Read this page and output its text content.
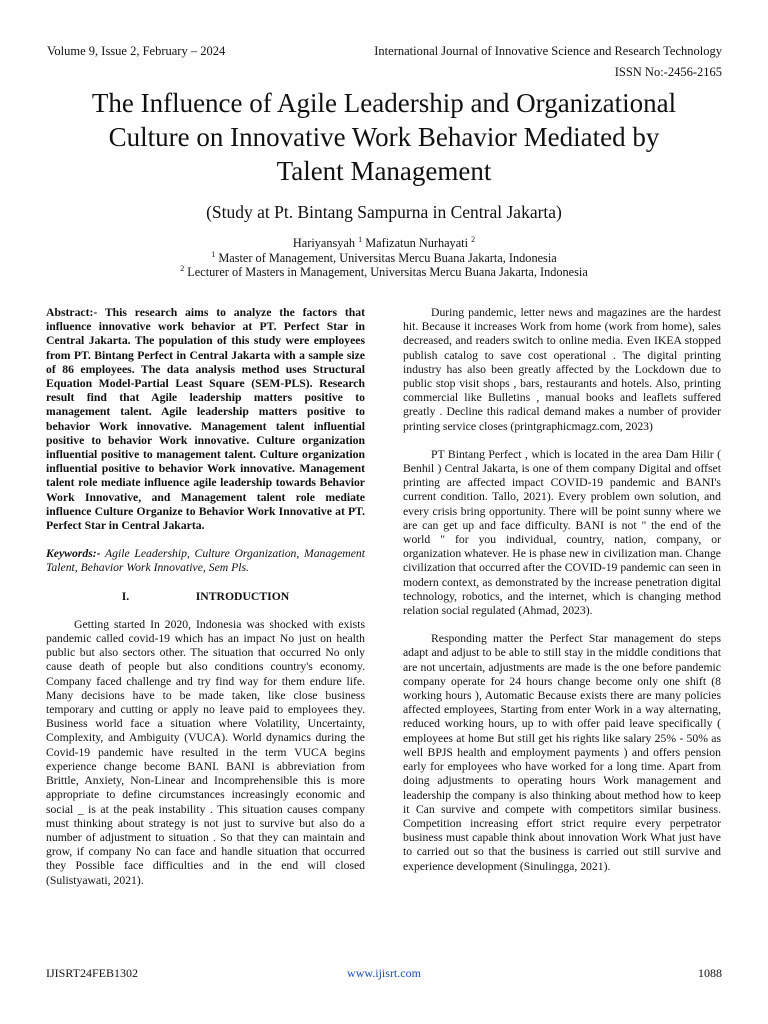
Volume 9, Issue 2, February – 2024	International Journal of Innovative Science and Research Technology
ISSN No:-2456-2165
The Influence of Agile Leadership and Organizational
Culture on Innovative Work Behavior Mediated by
Talent Management
(Study at Pt. Bintang Sampurna in Central Jakarta)
Hariyansyah $^1$ Mafizatun Nurhayati $^2$
$^1$ Master of Management, Universitas Mercu Buana Jakarta, Indonesia
$^2$ Lecturer of Masters in Management, Universitas Mercu Buana Jakarta, Indonesia

Abstract:- This research aims to analyze the factors that influence innovative work behavior at PT. Perfect Star in Central Jakarta. The population of this study were employees from PT. Bintang Perfect in Central Jakarta with a sample size of 86 employees. The data analysis method uses Structural Equation Model-Partial Least Square (SEM-PLS). Research result find that Agile leadership matters positive to management talent. Agile leadership matters positive to behavior Work innovative. Management talent influential positive to behavior Work innovative. Culture organization influential positive to management talent. Culture organization influential positive to behavior Work innovative. Management talent role mediate influence agile leadership towards Behavior Work Innovative, and Management talent role mediate influence Culture Organize to Behavior Work Innovative at PT. Perfect Star in Central Jakarta.

Keywords:- Agile Leadership, Culture Organization, Management Talent, Behavior Work Innovative, Sem Pls.

I.	INTRODUCTION

Getting started In 2020, Indonesia was shocked with exists pandemic called covid-19 which has an impact No just on health public but also sectors other. The situation that occurred No only cause death of people but also conditions country's economy. Company faced challenge and try find way for them endure life. Many decisions have to be made taken, like close business temporary and cutting or apply no leave paid to employees they. Business world face a situation where Volatility, Uncertainty, Complexity, and Ambiguity (VUCA). World dynamics during the Covid-19 pandemic have resulted in the term VUCA begins experience change become BANI. BANI is abbreviation from Brittle, Anxiety, Non-Linear and Incomprehensible this is more appropriate to define circumstances increasingly economic and social _ is at the peak instability . This situation causes company must thinking about strategy is not just to survive but also do a number of adjustment to situation . So that they can maintain and grow, if company No can face and handle situation that occurred they Possible face difficulties and in the end will closed (Sulistyawati, 2021).

During pandemic, letter news and magazines are the hardest hit. Because it increases Work from home (work from home), sales decreased, and readers switch to online media. Even IKEA stopped publish catalog to save cost operational . The digital printing industry has also been greatly affected by the Lockdown due to public stop visit shops , bars, restaurants and hotels. Also, printing commercial like Bulletins , manual books and leaflets suffered greatly . Decline this radical demand makes a number of provider printing service closes (printgraphicmagz.com, 2023)

PT Bintang Perfect , which is located in the area Dam Hilir ( Benhil ) Central Jakarta, is one of them company Digital and offset printing are affected impact COVID-19 pandemic and BANI's current condition. Tallo, 2021). Every problem own solution, and every crisis bring opportunity. There will be point sunny where we are can get up and face difficulty. BANI is not " the end of the world " for you individual, country, nation, company, or organization whatever. He is phase new in civilization man. Change civilization that occurred after the COVID-19 pandemic can seen in modern context, as demonstrated by the increase penetration digital technology, robotics, and the internet, which is changing method relation social regulated (Ahmad, 2023).

Responding matter the Perfect Star management do steps adapt and adjust to be able to still stay in the middle conditions that are not uncertain, adjustments are made is the one before pandemic company operate for 24 hours change become only one shift (8 working hours ), Automatic Because exists there are many policies affected employees, Starting from enter Work in a way alternating, reduced working hours, up to with offer paid leave specifically ( employees at home But still get his rights like salary 25% - 50% as well BPJS health and employment payments ) and offers pension early for employees who have worked for a long time. Apart from doing adjustments to operating hours Work management and leadership the company is also thinking about method how to keep it Can survive and compete with competitors similar business. Competition increasing effort strict require every perpetrator business must capable think about innovation Work What just have to carried out so that the business is carried out still survive and experience development (Sinulingga, 2021).

IJISRT24FEB1302	www.ijisrt.com	1088
